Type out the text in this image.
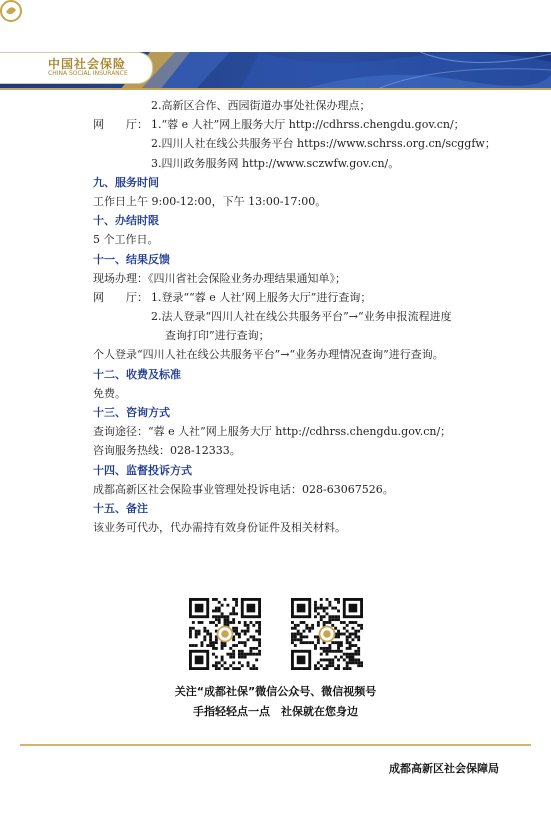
中国社会保险
CHINA SOCIAL INSURANCE
2.高新区合作、西园街道办事处社保办理点；
网　　厅： 1.“蓉 e 人社”网上服务大厅 http://cdhrss.chengdu.gov.cn/；
2.四川人社在线公共服务平台 https://www.schrss.org.cn/scggfw；
3.四川政务服务网 http://www.sczwfw.gov.cn/。
九、服务时间
工作日上午 9:00-12:00，下午 13:00-17:00。
十、办结时限
5 个工作日。
十一、结果反馈
现场办理：《四川省社会保险业务办理结果通知单》；
网　　厅： 1.登录““蓉 e 人社’网上服务大厅”进行查询；
2.法人登录“四川人社在线公共服务平台”→“业务申报流程进度
查询打印”进行查询；
个人登录“四川人社在线公共服务平台”→“业务办理情况查询”进行查询。
十二、收费及标准
免费。
十三、咨询方式
查询途径：“蓉 e 人社”网上服务大厅 http://cdhrss.chengdu.gov.cn/；
咨询服务热线：028-12333。
十四、监督投诉方式
成都高新区社会保险事业管理处投诉电话：028-63067526。
十五、备注
该业务可代办，代办需持有效身份证件及相关材料。
关注“成都社保”微信公众号、微信视频号
手指轻轻点一点　社保就在您身边
成都高新区社会保障局
